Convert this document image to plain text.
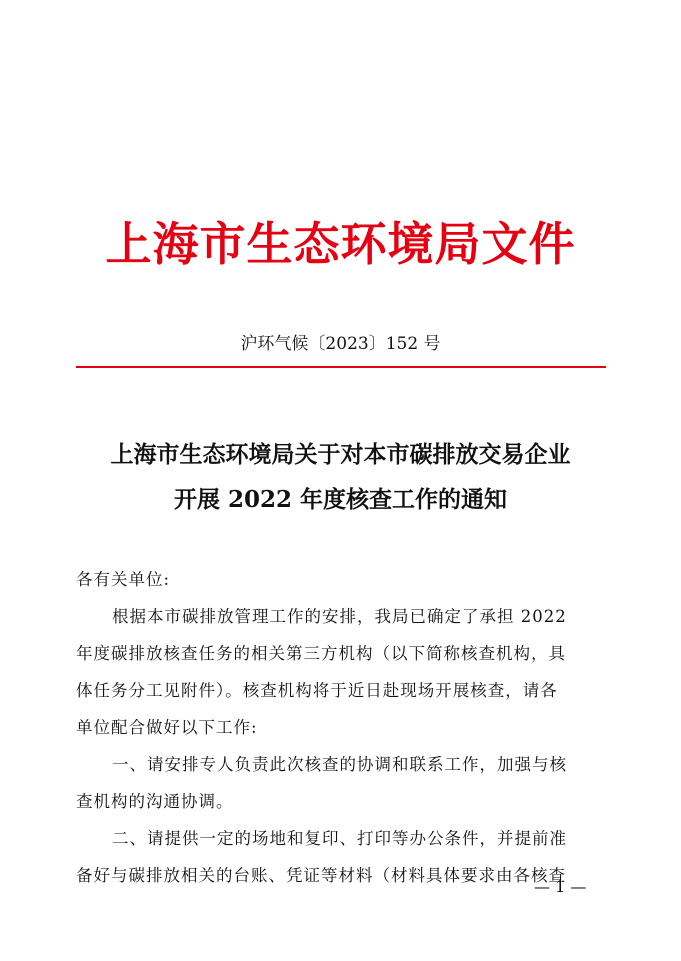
上海市生态环境局文件
沪环气候〔2023〕152 号
上海市生态环境局关于对本市碳排放交易企业
开展 2022 年度核查工作的通知

各有关单位:

根据本市碳排放管理工作的安排，我局已确定了承担 2022

年度碳排放核查任务的相关第三方机构（以下简称核查机构，具

体任务分工见附件）。核查机构将于近日赴现场开展核查，请各

单位配合做好以下工作:

一、请安排专人负责此次核查的协调和联系工作，加强与核

查机构的沟通协调。

二、请提供一定的场地和复印、打印等办公条件，并提前准

备好与碳排放相关的台账、凭证等材料（材料具体要求由各核查

— 1 —
